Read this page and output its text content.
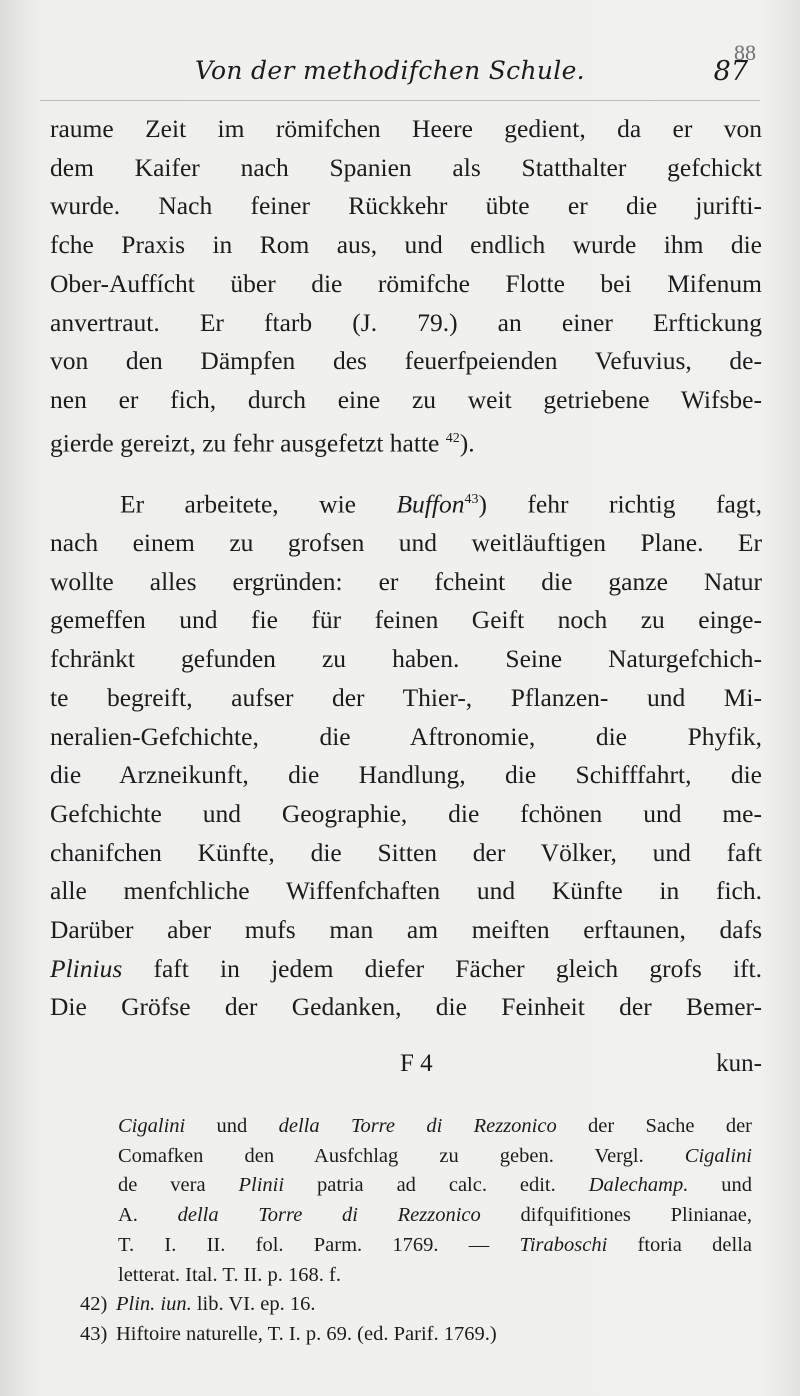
Von der methodifchen Schule.
88
87
raume Zeit im römifchen Heere gedient, da er von
dem Kaifer nach Spanien als Statthalter gefchickt
wurde. Nach feiner Rückkehr übte er die jurifti-
fche Praxis in Rom aus, und endlich wurde ihm die
Ober-Auffícht über die römifche Flotte bei Mifenum
anvertraut. Er ftarb (J. 79.) an einer Erftickung
von den Dämpfen des feuerfpeienden Vefuvius, de-
nen er fich, durch eine zu weit getriebene Wifsbe-
gierde gereizt, zu fehr ausgefetzt hatte $^{42}$).
Er arbeitete, wie Buffon$^{43}$) fehr richtig fagt,
nach einem zu grofsen und weitläuftigen Plane. Er
wollte alles ergründen: er fcheint die ganze Natur
gemeffen und fie für feinen Geift noch zu einge-
fchränkt gefunden zu haben. Seine Naturgefchich-
te begreift, aufser der Thier-, Pflanzen- und Mi-
neralien-Gefchichte, die Aftronomie, die Phyfik,
die Arzneikunft, die Handlung, die Schifffahrt, die
Gefchichte und Geographie, die fchönen und me-
chanifchen Künfte, die Sitten der Völker, und faft
alle menfchliche Wiffenfchaften und Künfte in fich.
Darüber aber mufs man am meiften erftaunen, dafs
Plinius faft in jedem diefer Fächer gleich grofs ift.
Die Gröfse der Gedanken, die Feinheit der Bemer-
F 4	kun-
Cigalini und della Torre di Rezzonico der Sache der
Comafken den Ausfchlag zu geben. Vergl. Cigalini
de vera Plinii patria ad calc. edit. Dalechamp. und
A. della Torre di Rezzonico difquifitiones Plinianae,
T. I. II. fol. Parm. 1769. — Tiraboschi ftoria della
letterat. Ital. T. II. p. 168. f.
42) Plin. iun. lib. VI. ep. 16.
43) Hiftoire naturelle, T. I. p. 69. (ed. Parif. 1769.)
